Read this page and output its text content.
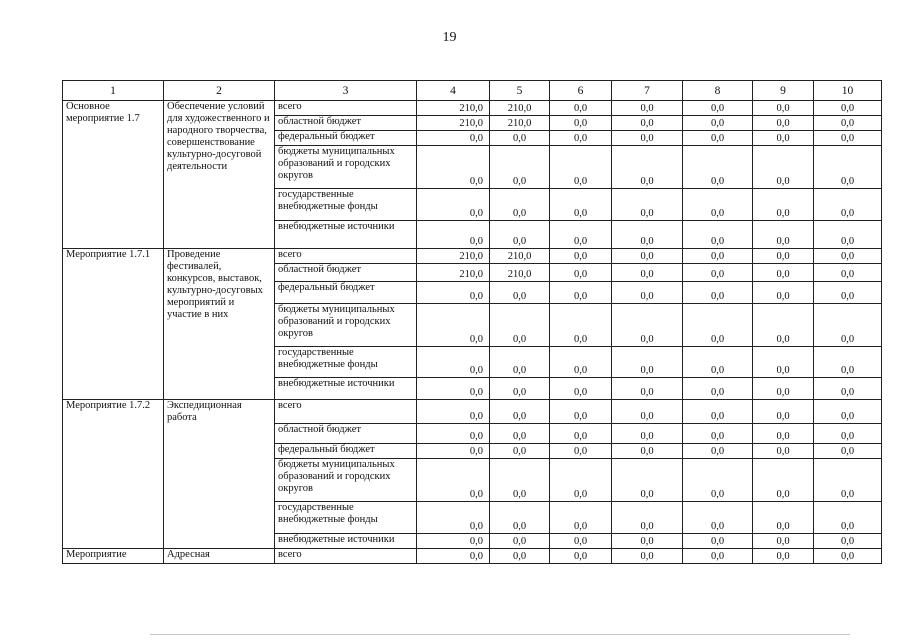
19
1	2	3	4	5	6	7	8	9	10
Основное мероприятие 1.7	Обеспечение условий для художественного и народного творчества, совершенствование культурно-досуговой деятельности	всего	210,0	210,0	0,0	0,0	0,0	0,0	0,0
		областной бюджет	210,0	210,0	0,0	0,0	0,0	0,0	0,0
		федеральный бюджет	0,0	0,0	0,0	0,0	0,0	0,0	0,0
		бюджеты муниципальных образований и городских округов	0,0	0,0	0,0	0,0	0,0	0,0	0,0
		государственные внебюджетные фонды	0,0	0,0	0,0	0,0	0,0	0,0	0,0
		внебюджетные источники	0,0	0,0	0,0	0,0	0,0	0,0	0,0
Мероприятие 1.7.1	Проведение фестивалей, конкурсов, выставок, культурно-досуговых мероприятий и участие в них	всего	210,0	210,0	0,0	0,0	0,0	0,0	0,0
		областной бюджет	210,0	210,0	0,0	0,0	0,0	0,0	0,0
		федеральный бюджет	0,0	0,0	0,0	0,0	0,0	0,0	0,0
		бюджеты муниципальных образований и городских округов	0,0	0,0	0,0	0,0	0,0	0,0	0,0
		государственные внебюджетные фонды	0,0	0,0	0,0	0,0	0,0	0,0	0,0
		внебюджетные источники	0,0	0,0	0,0	0,0	0,0	0,0	0,0
Мероприятие 1.7.2	Экспедиционная работа	всего	0,0	0,0	0,0	0,0	0,0	0,0	0,0
		областной бюджет	0,0	0,0	0,0	0,0	0,0	0,0	0,0
		федеральный бюджет	0,0	0,0	0,0	0,0	0,0	0,0	0,0
		бюджеты муниципальных образований и городских округов	0,0	0,0	0,0	0,0	0,0	0,0	0,0
		государственные внебюджетные фонды	0,0	0,0	0,0	0,0	0,0	0,0	0,0
		внебюджетные источники	0,0	0,0	0,0	0,0	0,0	0,0	0,0
Мероприятие	Адресная	всего	0,0	0,0	0,0	0,0	0,0	0,0	0,0
